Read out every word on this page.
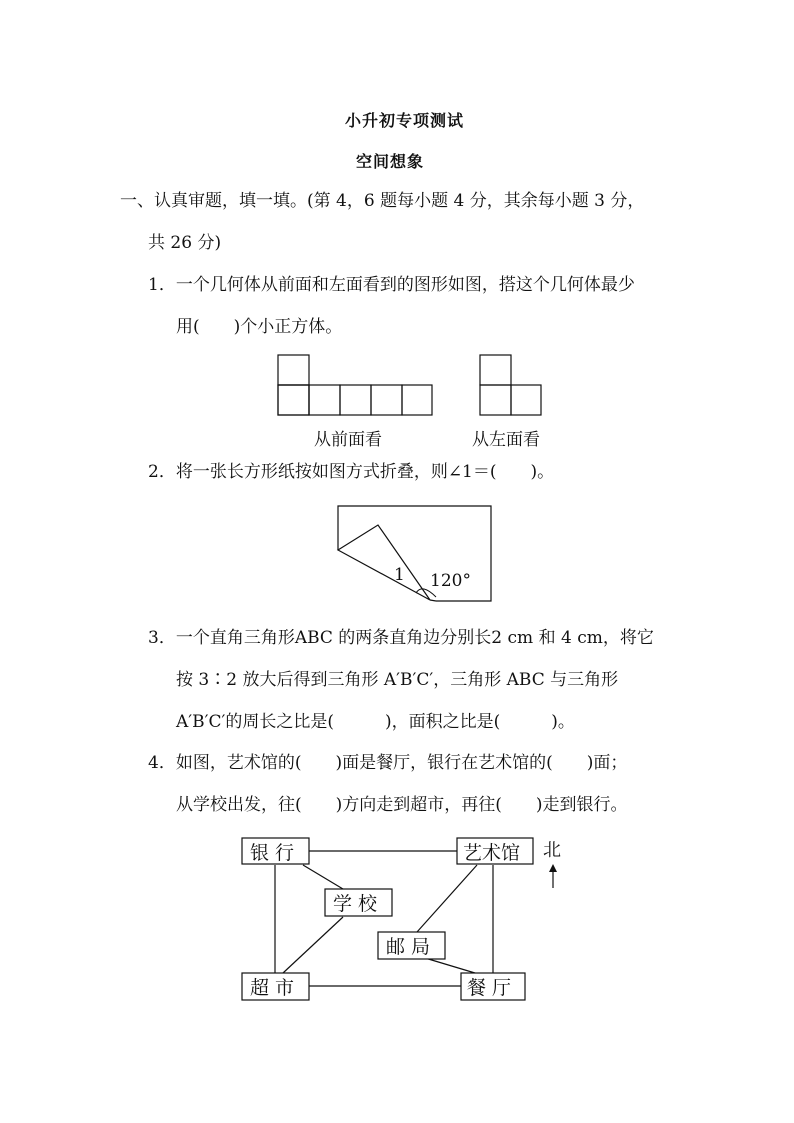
小升初专项测试
空间想象
一、认真审题，填一填。(第 4，6 题每小题 4 分，其余每小题 3 分，
共 26 分)
1．一个几何体从前面和左面看到的图形如图，搭这个几何体最少
用(　　)个小正方体。
从前面看	从左面看
2．将一张长方形纸按如图方式折叠，则∠1＝(　　)。
1 120°
3．一个直角三角形ABC 的两条直角边分别长2 cm 和 4 cm，将它
按 3∶2 放大后得到三角形 A′B′C′，三角形 ABC 与三角形
A′B′C′的周长之比是(　　　)，面积之比是(　　　)。
4．如图，艺术馆的(　　)面是餐厅，银行在艺术馆的(　　)面；
从学校出发，往(　　)方向走到超市，再往(　　)走到银行。
银 行	艺术馆
学 校
邮 局
超 市	餐 厅
北
